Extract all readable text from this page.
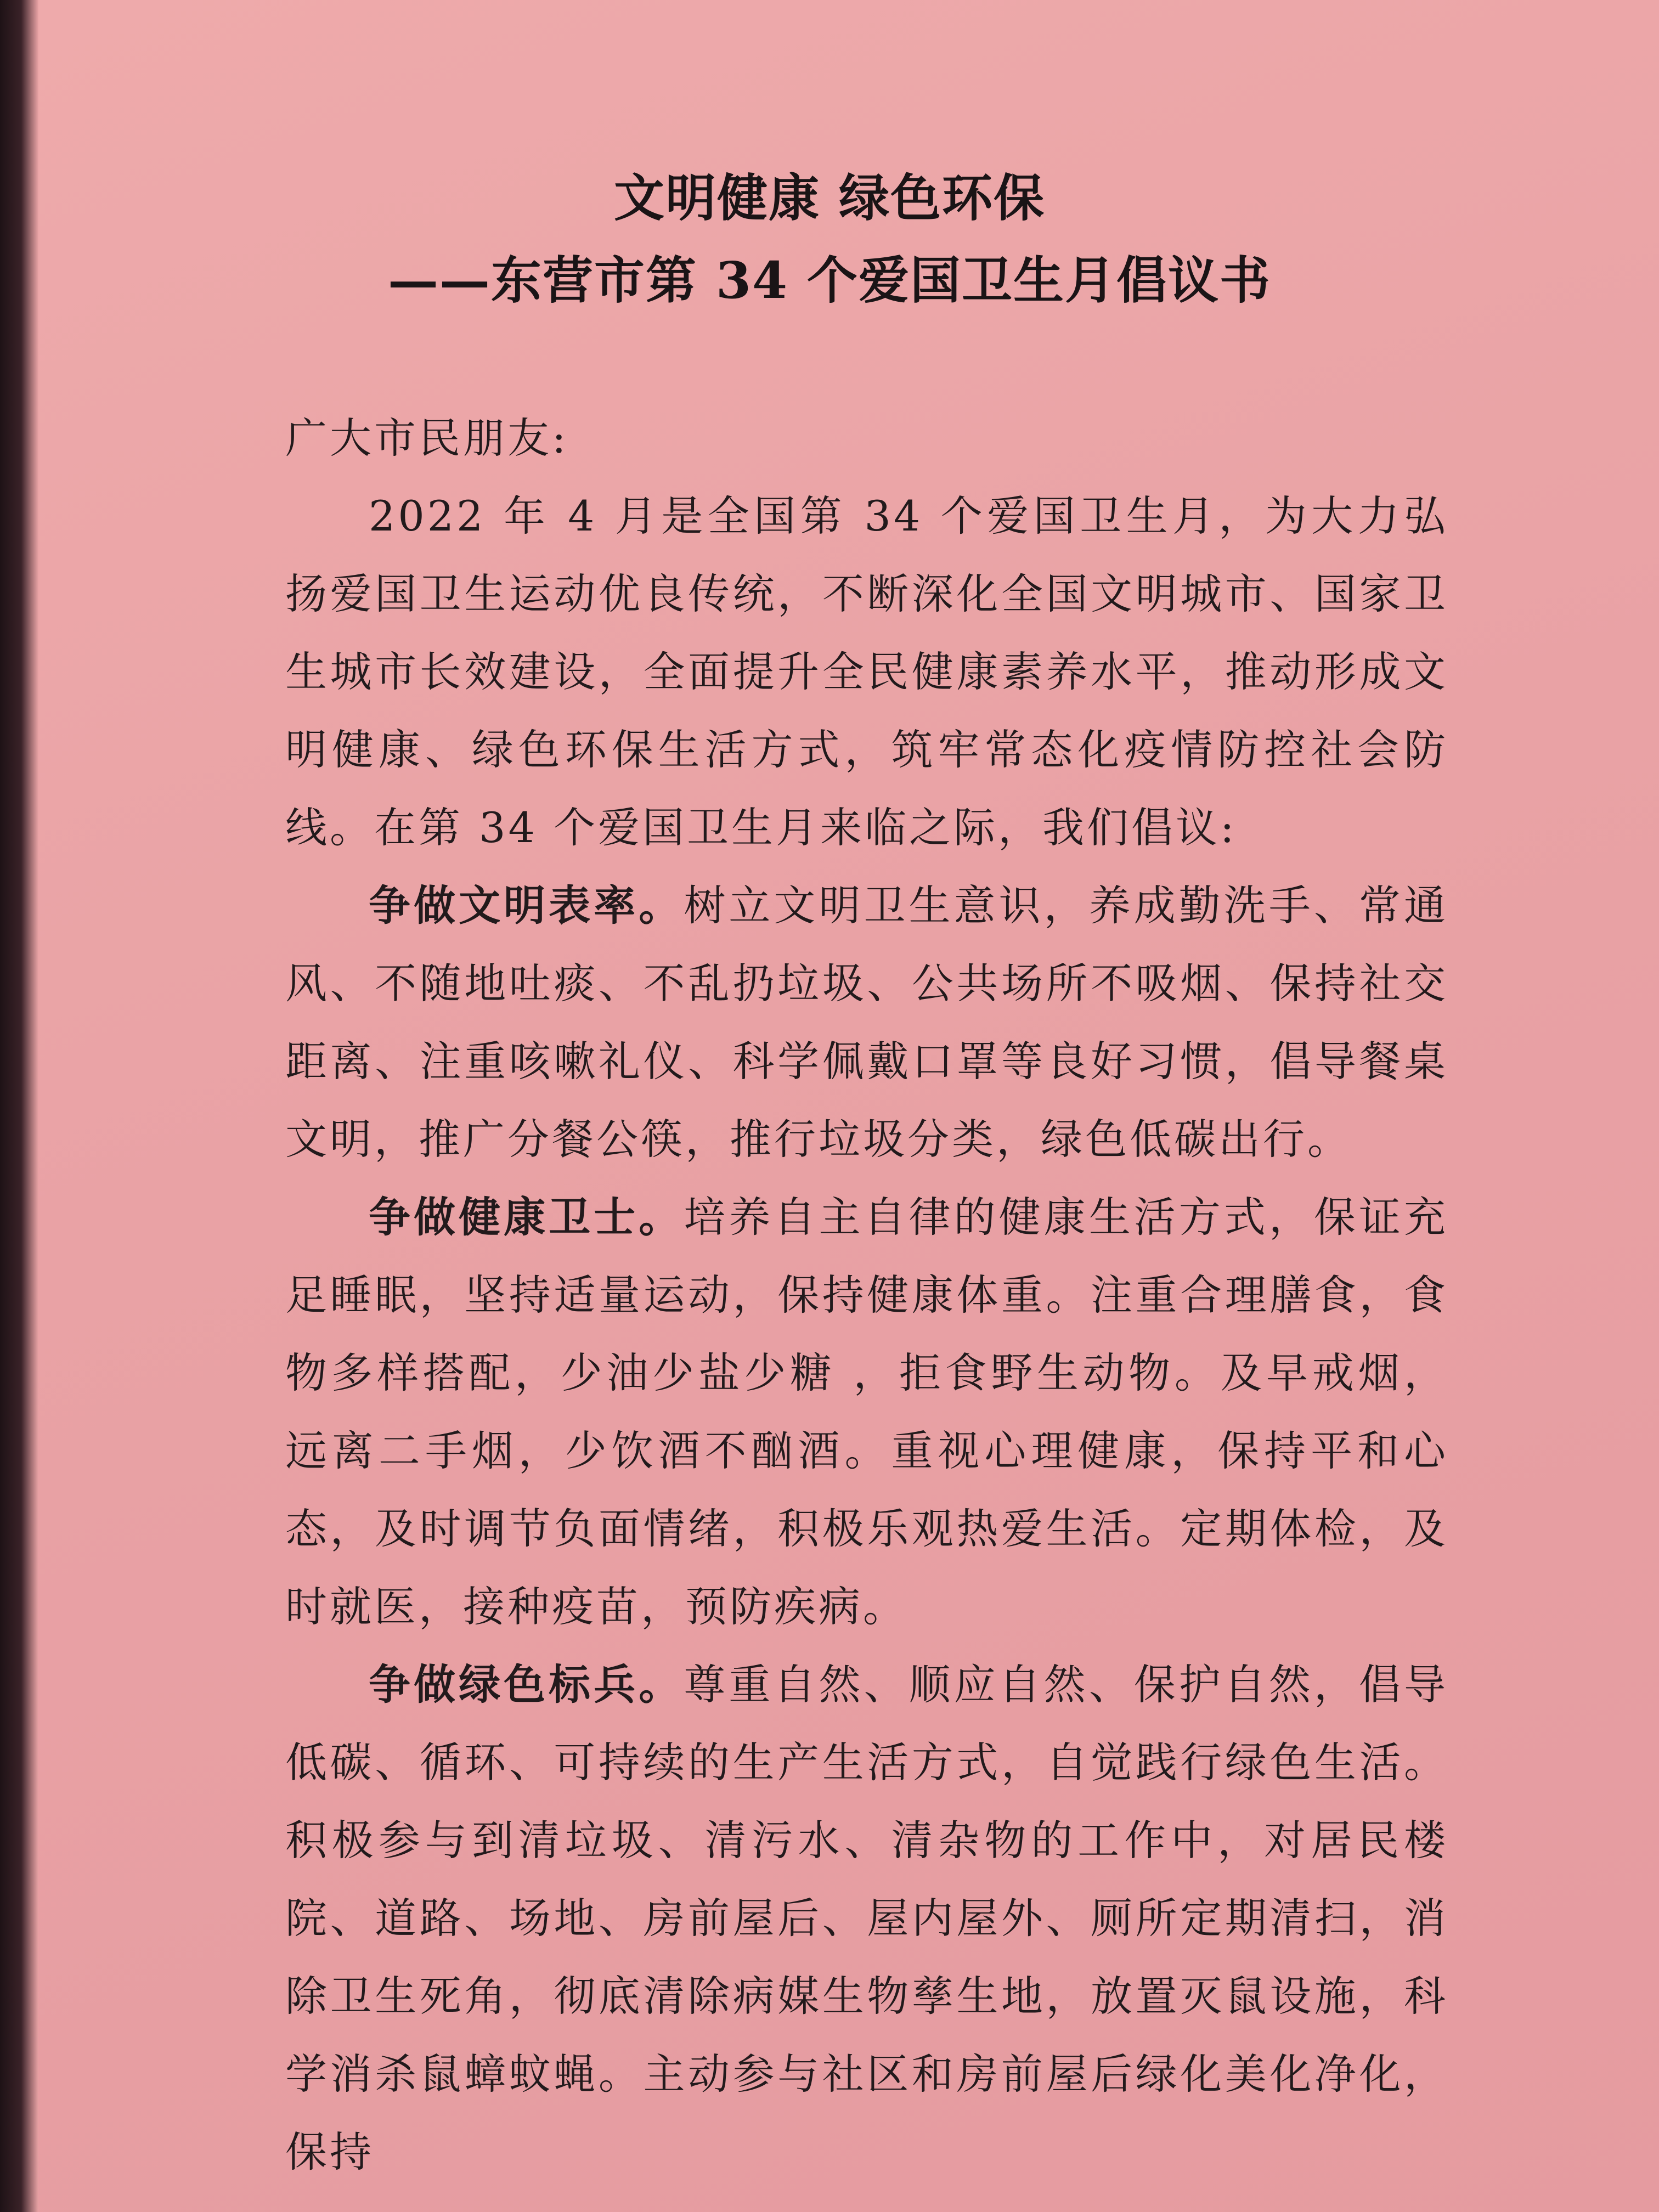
文明健康 绿色环保
——东营市第 34 个爱国卫生月倡议书

广大市民朋友:

2022 年 4 月是全国第 34 个爱国卫生月，为大力弘扬爱国卫生运动优良传统，不断深化全国文明城市、国家卫生城市长效建设，全面提升全民健康素养水平，推动形成文明健康、绿色环保生活方式，筑牢常态化疫情防控社会防线。在第 34 个爱国卫生月来临之际，我们倡议:

争做文明表率。树立文明卫生意识，养成勤洗手、常通风、不随地吐痰、不乱扔垃圾、公共场所不吸烟、保持社交距离、注重咳嗽礼仪、科学佩戴口罩等良好习惯，倡导餐桌文明，推广分餐公筷，推行垃圾分类，绿色低碳出行。

争做健康卫士。培养自主自律的健康生活方式，保证充足睡眠，坚持适量运动，保持健康体重。注重合理膳食，食物多样搭配，少油少盐少糖 ，拒食野生动物。及早戒烟，远离二手烟，少饮酒不酗酒。重视心理健康，保持平和心态，及时调节负面情绪，积极乐观热爱生活。定期体检，及时就医，接种疫苗，预防疾病。

争做绿色标兵。尊重自然、顺应自然、保护自然，倡导低碳、循环、可持续的生产生活方式，自觉践行绿色生活。积极参与到清垃圾、清污水、清杂物的工作中，对居民楼院、道路、场地、房前屋后、屋内屋外、厕所定期清扫，消除卫生死角，彻底清除病媒生物孳生地，放置灭鼠设施，科学消杀鼠蟑蚊蝇。主动参与社区和房前屋后绿化美化净化，保持
